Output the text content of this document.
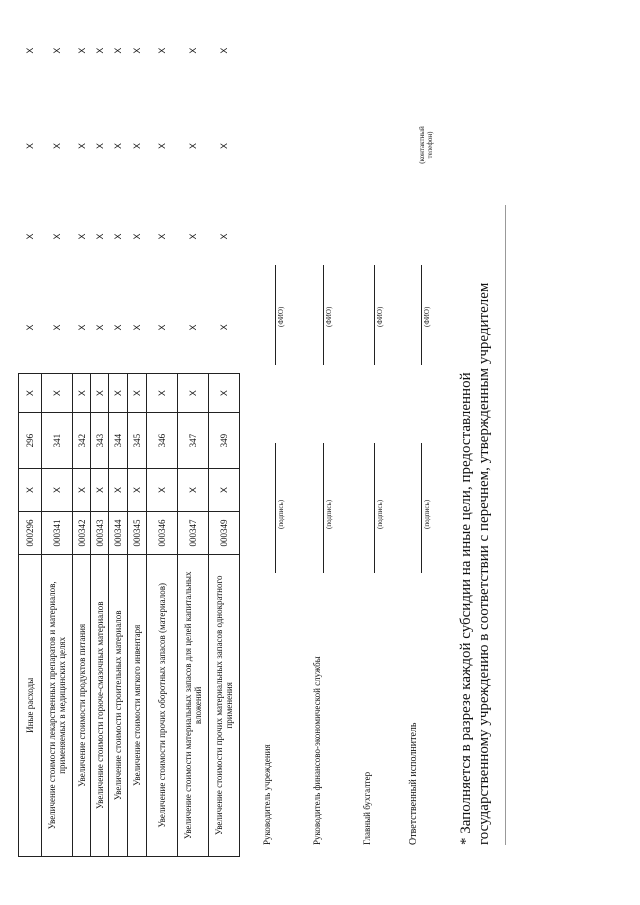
Иные расходы	000296	X	296	X	X	X	X	X
Увеличение стоимости лекарственных препаратов и материалов, применяемых в медицинских целях	000341	X	341	X	X	X	X	X
Увеличение стоимости продуктов питания	000342	X	342	X	X	X	X	X
Увеличение стоимости горюче-смазочных материалов	000343	X	343	X	X	X	X	X
Увеличение стоимости строительных материалов	000344	X	344	X	X	X	X	X
Увеличение стоимости мягкого инвентаря	000345	X	345	X	X	X	X	X
Увеличение стоимости прочих оборотных запасов (материалов)	000346	X	346	X	X	X	X	X
Увеличение стоимости материальных запасов для целей капитальных вложений	000347	X	347	X	X	X	X	X
Увеличение стоимости прочих материальных запасов однократного применения	000349	X	349	X	X	X	X	X
Руководитель учреждения
(подпись)
(ФИО)
Руководитель финансово-экономической службы
(подпись)
(ФИО)
Главный бухгалтер
(подпись)
(ФИО)
Ответственный исполнитель
(подпись)
(ФИО)
(контактный телефон)
* Заполняется в разрезе каждой субсидии на иные цели, предоставленной государственному учреждению в соответствии с перечнем, утвержденным учредителем
